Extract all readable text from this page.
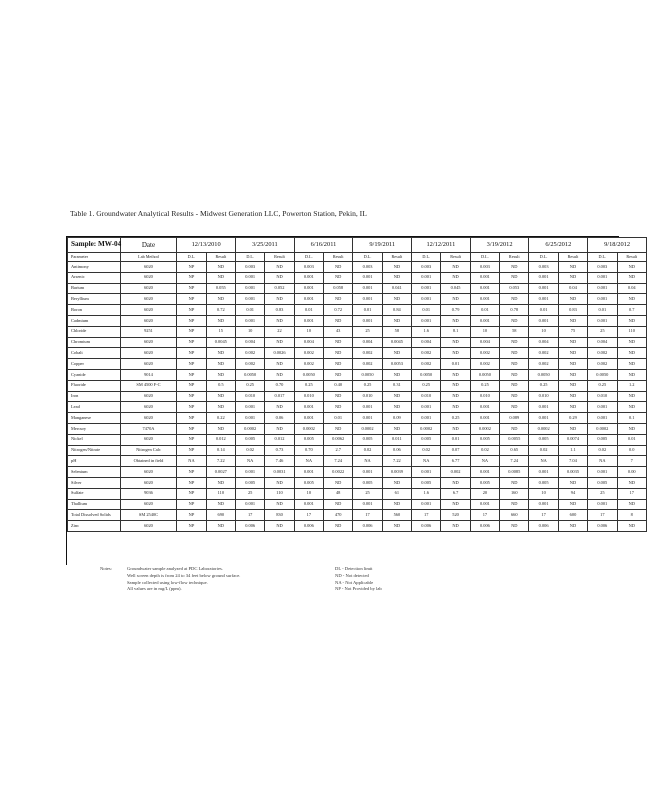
Table 1. Groundwater Analytical Results - Midwest Generation LLC, Powerton Station, Pekin, IL
Sample: MW-04	Date	12/13/2010		3/25/2011		6/16/2011		9/19/2011		12/12/2011		3/19/2012		6/25/2012		9/18/2012	
Parameter	Lab Method	D.L.	Result	D.L.	Result	D.L.	Result	D.L.	Result	D.L.	Result	D.L.	Result	D.L.	Result	D.L.	Result
Antimony	6020	NP	ND	0.003	ND	0.003	ND	0.003	ND	0.003	ND	0.003	ND	0.003	ND	0.003	ND
Arsenic	6020	NP	ND	0.001	ND	0.001	ND	0.001	ND	0.001	ND	0.001	ND	0.001	ND	0.001	ND
Barium	6020	NP	0.055	0.001	0.052	0.001	0.058	0.001	0.041	0.001	0.045	0.001	0.053	0.001	0.04	0.001	0.04
Beryllium	6020	NP	ND	0.001	ND	0.001	ND	0.001	ND	0.001	ND	0.001	ND	0.001	ND	0.001	ND
Boron	6020	NP	0.72	0.01	0.83	0.01	0.72	0.01	0.84	0.01	0.79	0.01	0.78	0.01	0.83	0.01	0.7
Cadmium	6020	NP	ND	0.001	ND	0.001	ND	0.001	ND	0.001	ND	0.001	ND	0.001	ND	0.001	ND
Chloride	9251	NP	15	10	22	10	43	25	58	1.6	8.1	10	58	10	75	25	110
Chromium	6020	NP	0.0045	0.004	ND	0.004	ND	0.004	0.0045	0.004	ND	0.004	ND	0.004	ND	0.004	ND
Cobalt	6020	NP	ND	0.002	0.0026	0.002	ND	0.002	ND	0.002	ND	0.002	ND	0.002	ND	0.002	ND
Copper	6020	NP	ND	0.002	ND	0.002	ND	0.002	0.0053	0.002	0.01	0.002	ND	0.002	ND	0.002	ND
Cyanide	9014	NP	ND	0.0050	ND	0.0050	ND	0.0050	ND	0.0050	ND	0.0050	ND	0.0050	ND	0.0050	ND
Fluoride	SM 4500 F-C	NP	0.5	0.25	0.70	0.25	0.40	0.25	0.31	0.25	ND	0.25	ND	0.25	ND	0.25	1.2
Iron	6020	NP	ND	0.010	0.017	0.010	ND	0.010	ND	0.010	ND	0.010	ND	0.010	ND	0.010	ND
Lead	6020	NP	ND	0.001	ND	0.001	ND	0.001	ND	0.001	ND	0.001	ND	0.001	ND	0.001	ND
Manganese	6020	NP	0.22	0.001	0.06	0.001	0.01	0.001	0.09	0.001	0.25	0.001	0.089	0.001	0.29	0.001	0.1
Mercury	7470A	NP	ND	0.0002	ND	0.0002	ND	0.0002	ND	0.0002	ND	0.0002	ND	0.0002	ND	0.0002	ND
Nickel	6020	NP	0.012	0.005	0.012	0.005	0.0062	0.005	0.011	0.005	0.01	0.005	0.0055	0.005	0.0074	0.005	0.01
Nitrogen/Nitrate	Nitrogen Calc	NP	0.14	0.02	0.73	0.70	2.7	0.02	0.06	0.02	0.07	0.02	0.65	0.02	1.1	0.02	0.0
pH	Obtained in field	NA	7.22	NA	7.46	NA	7.24	NA	7.22	NA	6.77	NA	7.24	NA	7.04	NA	7
Selenium	6020	NP	0.0027	0.001	0.0031	0.001	0.0022	0.001	0.0039	0.001	0.002	0.001	0.0085	0.001	0.0035	0.001	0.00
Silver	6020	NP	ND	0.005	ND	0.005	ND	0.005	ND	0.005	ND	0.005	ND	0.005	ND	0.005	ND
Sulfate	9036	NP	110	25	110	10	48	25	61	1.6	6.7	20	160	10	94	25	17
Thallium	6020	NP	ND	0.001	ND	0.001	ND	0.001	ND	0.001	ND	0.001	ND	0.001	ND	0.001	ND
Total Dissolved Solids	SM 2540C	NP	690	17	830	17	470	17	560	17	520	17	660	17	600	17	8
Zinc	6020	NP	ND	0.006	ND	0.006	ND	0.006	ND	0.006	ND	0.006	ND	0.006	ND	0.006	ND
Notes:	Groundwater sample analyzed at PDC Laboratories.
Well screen depth is from 24 to 34 feet below ground surface.
Sample collected using low-flow technique.
All values are in mg/L (ppm).
DL - Detection limit
ND - Not detected
NA - Not Applicable
NP - Not Provided by lab
